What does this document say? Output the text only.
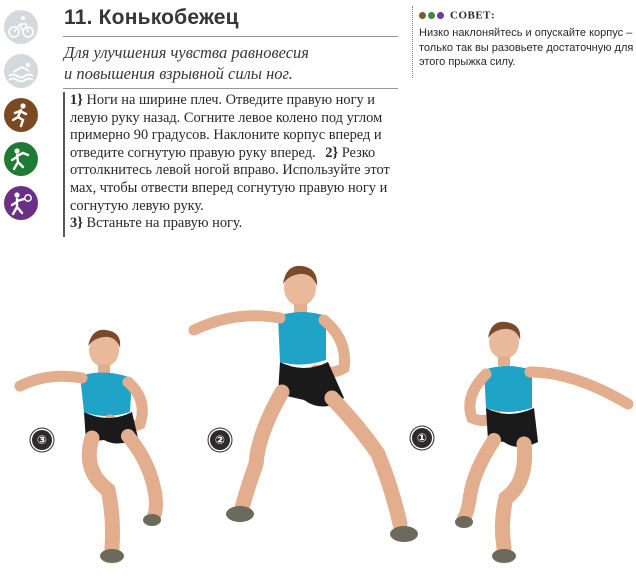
11. Конькобежец
Для улучшения чувства равновесия
и повышения взрывной силы ног.
1} Ноги на ширине плеч. Отведите правую ногу и левую руку назад. Согните левое колено под углом примерно 90 градусов. Наклоните корпус вперед и отведите согнутую правую руку вперед. 2} Резко оттолкнитесь левой ногой вправо. Используйте этот мах, чтобы отвести вперед согнутую правую ногу и согнутую левую руку.
3} Встаньте на правую ногу.
СОВЕТ:
Низко наклоняйтесь и опускайте корпус – только так вы разовьете достаточную для этого прыжка силу.
③	②	①
